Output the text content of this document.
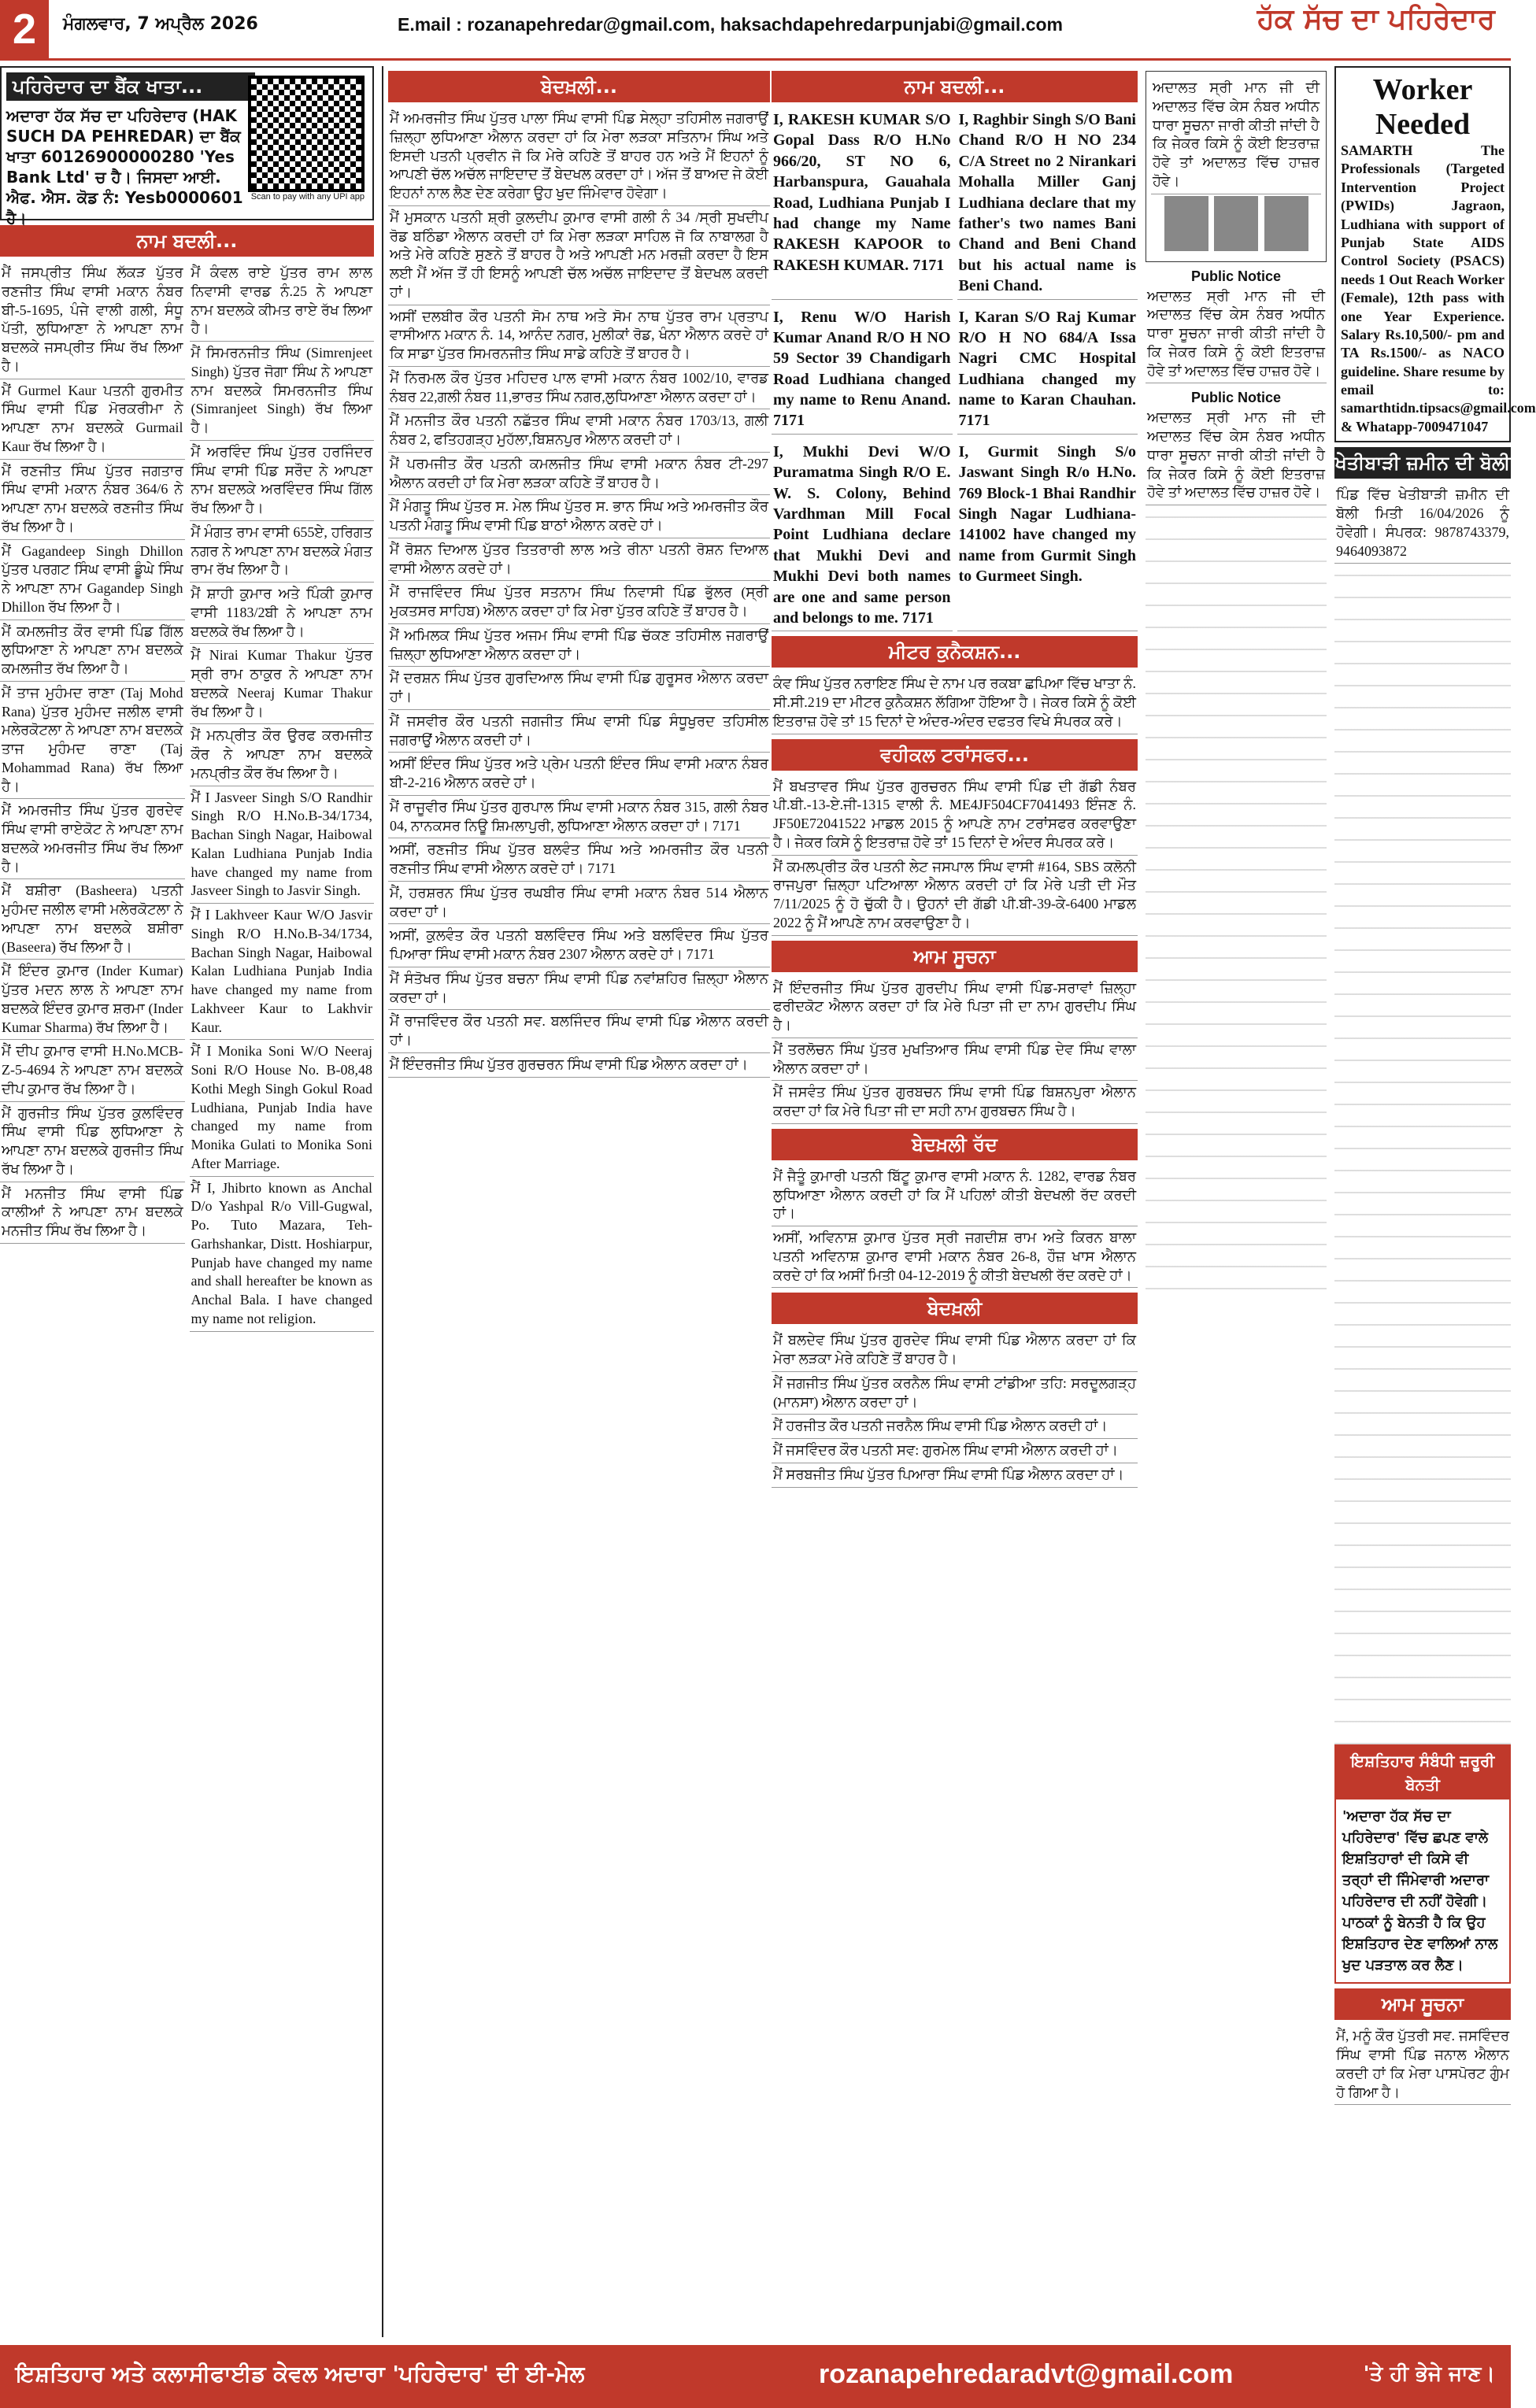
2	ਮੰਗਲਵਾਰ, 7 ਅਪ੍ਰੈਲ 2026	E.mail : rozanapehredar@gmail.com, haksachdapehredarpunjabi@gmail.com	ਹੱਕ ਸੱਚ ਦਾ ਪਹਿਰੇਦਾਰ
ਪਹਿਰੇਦਾਰ ਦਾ ਬੈਂਕ ਖਾਤਾ...
ਅਦਾਰਾ ਹੱਕ ਸੱਚ ਦਾ ਪਹਿਰੇਦਾਰ (HAK SUCH DA PEHREDAR) ਦਾ ਬੈਂਕ ਖਾਤਾ 60126900000280 'Yes Bank Ltd' ਚ ਹੈ। ਜਿਸਦਾ ਆਈ. ਐਫ. ਐਸ. ਕੋਡ ਨੰ: Yesb0000601 ਹੈ।
Scan to pay with any UPI app
ਨਾਮ ਬਦਲੀ...
ਮੈਂ ਜਸਪ੍ਰੀਤ ਸਿੰਘ ਲੱਕੜ ਪੁੱਤਰ ਰਣਜੀਤ ਸਿੰਘ ਵਾਸੀ ਮਕਾਨ ਨੰਬਰ ਬੀ-5-1695, ਪੰਜੇ ਵਾਲੀ ਗਲੀ, ਸੰਧੂ ਪੱਤੀ, ਲੁਧਿਆਣਾ ਨੇ ਆਪਣਾ ਨਾਮ ਬਦਲਕੇ ਜਸਪ੍ਰੀਤ ਸਿੰਘ ਰੱਖ ਲਿਆ ਹੈ।
ਮੈਂ Gurmel Kaur ਪਤਨੀ ਗੁਰਮੀਤ ਸਿੰਘ ਵਾਸੀ ਪਿੰਡ ਮੋਰਕਰੀਮਾ ਨੇ ਆਪਣਾ ਨਾਮ ਬਦਲਕੇ Gurmail Kaur ਰੱਖ ਲਿਆ ਹੈ।
ਮੈਂ ਰਣਜੀਤ ਸਿੰਘ ਪੁੱਤਰ ਜਗਤਾਰ ਸਿੰਘ ਵਾਸੀ ਮਕਾਨ ਨੰਬਰ 364/6 ਨੇ ਆਪਣਾ ਨਾਮ ਬਦਲਕੇ ਰਣਜੀਤ ਸਿੰਘ ਰੱਖ ਲਿਆ ਹੈ।
ਮੈਂ Gagandeep Singh Dhillon ਪੁੱਤਰ ਪਰਗਟ ਸਿੰਘ ਵਾਸੀ ਡੂੰਘੇ ਸਿੰਘ ਨੇ ਆਪਣਾ ਨਾਮ Gagandep Singh Dhillon ਰੱਖ ਲਿਆ ਹੈ।
ਮੈਂ ਕਮਲਜੀਤ ਕੌਰ ਵਾਸੀ ਪਿੰਡ ਗਿੱਲ ਲੁਧਿਆਣਾ ਨੇ ਆਪਣਾ ਨਾਮ ਬਦਲਕੇ ਕਮਲਜੀਤ ਰੱਖ ਲਿਆ ਹੈ।
ਮੈਂ ਤਾਜ ਮੁਹੰਮਦ ਰਾਣਾ (Taj Mohd Rana) ਪੁੱਤਰ ਮੁਹੰਮਦ ਜਲੀਲ ਵਾਸੀ ਮਲੇਰਕੋਟਲਾ ਨੇ ਆਪਣਾ ਨਾਮ ਬਦਲਕੇ ਤਾਜ ਮੁਹੰਮਦ ਰਾਣਾ (Taj Mohammad Rana) ਰੱਖ ਲਿਆ ਹੈ।
ਮੈਂ ਅਮਰਜੀਤ ਸਿੰਘ ਪੁੱਤਰ ਗੁਰਦੇਵ ਸਿੰਘ ਵਾਸੀ ਰਾਏਕੋਟ ਨੇ ਆਪਣਾ ਨਾਮ ਬਦਲਕੇ ਅਮਰਜੀਤ ਸਿੰਘ ਰੱਖ ਲਿਆ ਹੈ।
ਮੈਂ ਬਸ਼ੀਰਾ (Basheera) ਪਤਨੀ ਮੁਹੰਮਦ ਜਲੀਲ ਵਾਸੀ ਮਲੇਰਕੋਟਲਾ ਨੇ ਆਪਣਾ ਨਾਮ ਬਦਲਕੇ ਬਸ਼ੀਰਾ (Baseera) ਰੱਖ ਲਿਆ ਹੈ।
ਮੈਂ ਇੰਦਰ ਕੁਮਾਰ (Inder Kumar) ਪੁੱਤਰ ਮਦਨ ਲਾਲ ਨੇ ਆਪਣਾ ਨਾਮ ਬਦਲਕੇ ਇੰਦਰ ਕੁਮਾਰ ਸ਼ਰਮਾ (Inder Kumar Sharma) ਰੱਖ ਲਿਆ ਹੈ।
ਮੈਂ ਦੀਪ ਕੁਮਾਰ ਵਾਸੀ H.No.MCB-Z-5-4694 ਨੇ ਆਪਣਾ ਨਾਮ ਬਦਲਕੇ ਦੀਪ ਕੁਮਾਰ ਰੱਖ ਲਿਆ ਹੈ।
ਮੈਂ ਗੁਰਜੀਤ ਸਿੰਘ ਪੁੱਤਰ ਕੁਲਵਿੰਦਰ ਸਿੰਘ ਵਾਸੀ ਪਿੰਡ ਲੁਧਿਆਣਾ ਨੇ ਆਪਣਾ ਨਾਮ ਬਦਲਕੇ ਗੁਰਜੀਤ ਸਿੰਘ ਰੱਖ ਲਿਆ ਹੈ।
ਮੈਂ ਮਨਜੀਤ ਸਿੰਘ ਵਾਸੀ ਪਿੰਡ ਕਾਲੀਆਂ ਨੇ ਆਪਣਾ ਨਾਮ ਬਦਲਕੇ ਮਨਜੀਤ ਸਿੰਘ ਰੱਖ ਲਿਆ ਹੈ।
ਮੈਂ ਕੰਵਲ ਰਾਏ ਪੁੱਤਰ ਰਾਮ ਲਾਲ ਨਿਵਾਸੀ ਵਾਰਡ ਨੰ.25 ਨੇ ਆਪਣਾ ਨਾਮ ਬਦਲਕੇ ਕੀਮਤ ਰਾਏ ਰੱਖ ਲਿਆ ਹੈ।
ਮੈਂ ਸਿਮਰਨਜੀਤ ਸਿੰਘ (Simrenjeet Singh) ਪੁੱਤਰ ਜੋਗਾ ਸਿੰਘ ਨੇ ਆਪਣਾ ਨਾਮ ਬਦਲਕੇ ਸਿਮਰਨਜੀਤ ਸਿੰਘ (Simranjeet Singh) ਰੱਖ ਲਿਆ ਹੈ।
ਮੈਂ ਅਰਵਿੰਦ ਸਿੰਘ ਪੁੱਤਰ ਹਰਜਿੰਦਰ ਸਿੰਘ ਵਾਸੀ ਪਿੰਡ ਸਰੌਦ ਨੇ ਆਪਣਾ ਨਾਮ ਬਦਲਕੇ ਅਰਵਿੰਦਰ ਸਿੰਘ ਗਿੱਲ ਰੱਖ ਲਿਆ ਹੈ।
ਮੈਂ ਮੰਗਤ ਰਾਮ ਵਾਸੀ 655ਏ, ਹਰਿਗਤ ਨਗਰ ਨੇ ਆਪਣਾ ਨਾਮ ਬਦਲਕੇ ਮੰਗਤ ਰਾਮ ਰੱਖ ਲਿਆ ਹੈ।
ਮੈਂ ਸ਼ਾਹੀ ਕੁਮਾਰ ਅਤੇ ਪਿੰਕੀ ਕੁਮਾਰ ਵਾਸੀ 1183/2ਬੀ ਨੇ ਆਪਣਾ ਨਾਮ ਬਦਲਕੇ ਰੱਖ ਲਿਆ ਹੈ।
ਮੈਂ Nirai Kumar Thakur ਪੁੱਤਰ ਸ੍ਰੀ ਰਾਮ ਠਾਕੁਰ ਨੇ ਆਪਣਾ ਨਾਮ ਬਦਲਕੇ Neeraj Kumar Thakur ਰੱਖ ਲਿਆ ਹੈ।
ਮੈਂ ਮਨਪ੍ਰੀਤ ਕੌਰ ਉਰਫ ਕਰਮਜੀਤ ਕੌਰ ਨੇ ਆਪਣਾ ਨਾਮ ਬਦਲਕੇ ਮਨਪ੍ਰੀਤ ਕੌਰ ਰੱਖ ਲਿਆ ਹੈ।
ਮੈਂ I Jasveer Singh S/O Randhir Singh R/O H.No.B-34/1734, Bachan Singh Nagar, Haibowal Kalan Ludhiana Punjab India have changed my name from Jasveer Singh to Jasvir Singh.
ਮੈਂ I Lakhveer Kaur W/O Jasvir Singh R/O H.No.B-34/1734, Bachan Singh Nagar, Haibowal Kalan Ludhiana Punjab India have changed my name from Lakhveer Kaur to Lakhvir Kaur.
ਮੈਂ I Monika Soni W/O Neeraj Soni R/O House No. B-08,48 Kothi Megh Singh Gokul Road Ludhiana, Punjab India have changed my name from Monika Gulati to Monika Soni After Marriage.
ਮੈਂ I, Jhibrto known as Anchal D/o Yashpal R/o Vill-Gugwal, Po. Tuto Mazara, Teh-Garhshankar, Distt. Hoshiarpur, Punjab have changed my name and shall hereafter be known as Anchal Bala. I have changed my name not religion.
ਬੇਦਖ਼ਲੀ...
ਮੈਂ ਅਮਰਜੀਤ ਸਿੰਘ ਪੁੱਤਰ ਪਾਲਾ ਸਿੰਘ ਵਾਸੀ ਪਿੰਡ ਸੇਲ੍ਹਾ ਤਹਿਸੀਲ ਜਗਰਾਉਂ ਜ਼ਿਲ੍ਹਾ ਲੁਧਿਆਣਾ ਐਲਾਨ ਕਰਦਾ ਹਾਂ ਕਿ ਮੇਰਾ ਲੜਕਾ ਸਤਿਨਾਮ ਸਿੰਘ ਅਤੇ ਇਸਦੀ ਪਤਨੀ ਪ੍ਰਵੀਨ ਜੋ ਕਿ ਮੇਰੇ ਕਹਿਣੇ ਤੋਂ ਬਾਹਰ ਹਨ ਅਤੇ ਮੈਂ ਇਹਨਾਂ ਨੂੰ ਆਪਣੀ ਚੱਲ ਅਚੱਲ ਜਾਇਦਾਦ ਤੋਂ ਬੇਦਖਲ ਕਰਦਾ ਹਾਂ। ਅੱਜ ਤੋਂ ਬਾਅਦ ਜੇ ਕੋਈ ਇਹਨਾਂ ਨਾਲ ਲੈਣ ਦੇਣ ਕਰੇਗਾ ਉਹ ਖੁਦ ਜਿੰਮੇਵਾਰ ਹੋਵੇਗਾ।
ਮੈਂ ਮੁਸਕਾਨ ਪਤਨੀ ਸ਼੍ਰੀ ਕੁਲਦੀਪ ਕੁਮਾਰ ਵਾਸੀ ਗਲੀ ਨੰ 34 /ਸ੍ਰੀ ਸੁਖਦੀਪ ਰੋਡ ਬਠਿੰਡਾ ਐਲਾਨ ਕਰਦੀ ਹਾਂ ਕਿ ਮੇਰਾ ਲੜਕਾ ਸਾਹਿਲ ਜੋ ਕਿ ਨਾਬਾਲਗ ਹੈ ਅਤੇ ਮੇਰੇ ਕਹਿਣੇ ਸੁਣਨੇ ਤੋਂ ਬਾਹਰ ਹੈ ਅਤੇ ਆਪਣੀ ਮਨ ਮਰਜ਼ੀ ਕਰਦਾ ਹੈ ਇਸ ਲਈ ਮੈਂ ਅੱਜ ਤੋਂ ਹੀ ਇਸਨੂੰ ਆਪਣੀ ਚੱਲ ਅਚੱਲ ਜਾਇਦਾਦ ਤੋਂ ਬੇਦਖਲ ਕਰਦੀ ਹਾਂ।
ਅਸੀਂ ਦਲਬੀਰ ਕੌਰ ਪਤਨੀ ਸੋਮ ਨਾਥ ਅਤੇ ਸੋਮ ਨਾਥ ਪੁੱਤਰ ਰਾਮ ਪ੍ਰਤਾਪ ਵਾਸੀਆਨ ਮਕਾਨ ਨੰ. 14, ਆਨੰਦ ਨਗਰ, ਮੁਲੀਕਾਂ ਰੋਡ, ਖੰਨਾ ਐਲਾਨ ਕਰਦੇ ਹਾਂ ਕਿ ਸਾਡਾ ਪੁੱਤਰ ਸਿਮਰਨਜੀਤ ਸਿੰਘ ਸਾਡੇ ਕਹਿਣੇ ਤੋਂ ਬਾਹਰ ਹੈ।
ਮੈਂ ਨਿਰਮਲ ਕੌਰ ਪੁੱਤਰ ਮਹਿਦਰ ਪਾਲ ਵਾਸੀ ਮਕਾਨ ਨੰਬਰ 1002/10, ਵਾਰਡ ਨੰਬਰ 22,ਗਲੀ ਨੰਬਰ 11,ਭਾਰਤ ਸਿੰਘ ਨਗਰ,ਲੁਧਿਆਣਾ ਐਲਾਨ ਕਰਦਾ ਹਾਂ।
ਮੈਂ ਮਨਜੀਤ ਕੌਰ ਪਤਨੀ ਨਛੱਤਰ ਸਿੰਘ ਵਾਸੀ ਮਕਾਨ ਨੰਬਰ 1703/13, ਗਲੀ ਨੰਬਰ 2, ਫਤਿਹਗੜ੍ਹ ਮੁਹੱਲਾ,ਬਿਸ਼ਨਪੁਰ ਐਲਾਨ ਕਰਦੀ ਹਾਂ।
ਮੈਂ ਪਰਮਜੀਤ ਕੌਰ ਪਤਨੀ ਕਮਲਜੀਤ ਸਿੰਘ ਵਾਸੀ ਮਕਾਨ ਨੰਬਰ ਟੀ-297 ਐਲਾਨ ਕਰਦੀ ਹਾਂ ਕਿ ਮੇਰਾ ਲੜਕਾ ਕਹਿਣੇ ਤੋਂ ਬਾਹਰ ਹੈ।
ਮੈਂ ਮੰਗਤੂ ਸਿੰਘ ਪੁੱਤਰ ਸ. ਮੇਲ ਸਿੰਘ ਪੁੱਤਰ ਸ. ਭਾਨ ਸਿੰਘ ਅਤੇ ਅਮਰਜੀਤ ਕੌਰ ਪਤਨੀ ਮੰਗਤੂ ਸਿੰਘ ਵਾਸੀ ਪਿੰਡ ਬਾਠਾਂ ਐਲਾਨ ਕਰਦੇ ਹਾਂ।
ਮੈਂ ਰੋਸ਼ਨ ਦਿਆਲ ਪੁੱਤਰ ਤਿਤਰਾਰੀ ਲਾਲ ਅਤੇ ਰੀਨਾ ਪਤਨੀ ਰੋਸ਼ਨ ਦਿਆਲ ਵਾਸੀ ਐਲਾਨ ਕਰਦੇ ਹਾਂ।
ਮੈਂ ਰਾਜਵਿੰਦਰ ਸਿੰਘ ਪੁੱਤਰ ਸਤਨਾਮ ਸਿੰਘ ਨਿਵਾਸੀ ਪਿੰਡ ਭੁੱਲਰ (ਸ੍ਰੀ ਮੁਕਤਸਰ ਸਾਹਿਬ) ਐਲਾਨ ਕਰਦਾ ਹਾਂ ਕਿ ਮੇਰਾ ਪੁੱਤਰ ਕਹਿਣੇ ਤੋਂ ਬਾਹਰ ਹੈ।
ਮੈਂ ਅਮਿਲਕ ਸਿੰਘ ਪੁੱਤਰ ਅਜਮ ਸਿੰਘ ਵਾਸੀ ਪਿੰਡ ਚੱਕਣ ਤਹਿਸੀਲ ਜਗਰਾਉਂ ਜ਼ਿਲ੍ਹਾ ਲੁਧਿਆਣਾ ਐਲਾਨ ਕਰਦਾ ਹਾਂ।
ਮੈਂ ਦਰਸ਼ਨ ਸਿੰਘ ਪੁੱਤਰ ਗੁਰਦਿਆਲ ਸਿੰਘ ਵਾਸੀ ਪਿੰਡ ਗੁਰੂਸਰ ਐਲਾਨ ਕਰਦਾ ਹਾਂ।
ਮੈਂ ਜਸਵੀਰ ਕੌਰ ਪਤਨੀ ਜਗਜੀਤ ਸਿੰਘ ਵਾਸੀ ਪਿੰਡ ਸੰਧੂਖੁਰਦ ਤਹਿਸੀਲ ਜਗਰਾਉਂ ਐਲਾਨ ਕਰਦੀ ਹਾਂ।
ਅਸੀਂ ਇੰਦਰ ਸਿੰਘ ਪੁੱਤਰ ਅਤੇ ਪ੍ਰੇਮ ਪਤਨੀ ਇੰਦਰ ਸਿੰਘ ਵਾਸੀ ਮਕਾਨ ਨੰਬਰ ਬੀ-2-216 ਐਲਾਨ ਕਰਦੇ ਹਾਂ।
ਮੈਂ ਰਾਜੂਵੀਰ ਸਿੰਘ ਪੁੱਤਰ ਗੁਰਪਾਲ ਸਿੰਘ ਵਾਸੀ ਮਕਾਨ ਨੰਬਰ 315, ਗਲੀ ਨੰਬਰ 04, ਨਾਨਕਸਰ ਨਿਊ ਸ਼ਿਮਲਾਪੁਰੀ, ਲੁਧਿਆਣਾ ਐਲਾਨ ਕਰਦਾ ਹਾਂ। 7171
ਅਸੀਂ, ਰਣਜੀਤ ਸਿੰਘ ਪੁੱਤਰ ਬਲਵੰਤ ਸਿੰਘ ਅਤੇ ਅਮਰਜੀਤ ਕੌਰ ਪਤਨੀ ਰਣਜੀਤ ਸਿੰਘ ਵਾਸੀ ਐਲਾਨ ਕਰਦੇ ਹਾਂ। 7171
ਮੈਂ, ਹਰਸ਼ਰਨ ਸਿੰਘ ਪੁੱਤਰ ਰਘਬੀਰ ਸਿੰਘ ਵਾਸੀ ਮਕਾਨ ਨੰਬਰ 514 ਐਲਾਨ ਕਰਦਾ ਹਾਂ।
ਅਸੀਂ, ਕੁਲਵੰਤ ਕੌਰ ਪਤਨੀ ਬਲਵਿੰਦਰ ਸਿੰਘ ਅਤੇ ਬਲਵਿੰਦਰ ਸਿੰਘ ਪੁੱਤਰ ਪਿਆਰਾ ਸਿੰਘ ਵਾਸੀ ਮਕਾਨ ਨੰਬਰ 2307 ਐਲਾਨ ਕਰਦੇ ਹਾਂ। 7171
ਮੈਂ ਸੰਤੋਖਰ ਸਿੰਘ ਪੁੱਤਰ ਬਚਨਾ ਸਿੰਘ ਵਾਸੀ ਪਿੰਡ ਨਵਾਂਸ਼ਹਿਰ ਜ਼ਿਲ੍ਹਾ ਐਲਾਨ ਕਰਦਾ ਹਾਂ।
ਮੈਂ ਰਾਜਵਿੰਦਰ ਕੌਰ ਪਤਨੀ ਸਵ. ਬਲਜਿੰਦਰ ਸਿੰਘ ਵਾਸੀ ਪਿੰਡ ਐਲਾਨ ਕਰਦੀ ਹਾਂ।
ਮੈਂ ਇੰਦਰਜੀਤ ਸਿੰਘ ਪੁੱਤਰ ਗੁਰਚਰਨ ਸਿੰਘ ਵਾਸੀ ਪਿੰਡ ਐਲਾਨ ਕਰਦਾ ਹਾਂ।
ਨਾਮ ਬਦਲੀ...
I, RAKESH KUMAR S/O Gopal Dass R/O H.No 966/20, ST NO 6, Harbanspura, Gauahala Road, Ludhiana Punjab I had change my Name RAKESH KAPOOR to RAKESH KUMAR. 7171
I, Raghbir Singh S/O Bani Chand R/O H NO 234 C/A Street no 2 Nirankari Mohalla Miller Ganj Ludhiana declare that my father's two names Bani Chand and Beni Chand but his actual name is Beni Chand.
I, Renu W/O Harish Kumar Anand R/O H NO 59 Sector 39 Chandigarh Road Ludhiana changed my name to Renu Anand. 7171
I, Karan S/O Raj Kumar R/O H NO 684/A Issa Nagri CMC Hospital Ludhiana changed my name to Karan Chauhan. 7171
I, Mukhi Devi W/O Puramatma Singh R/O E. W. S. Colony, Behind Vardhman Mill Focal Point Ludhiana declare that Mukhi Devi and Mukhi Devi both names are one and same person and belongs to me. 7171
I, Gurmit Singh S/o Jaswant Singh R/o H.No. 769 Block-1 Bhai Randhir Singh Nagar Ludhiana-141002 have changed my name from Gurmit Singh to Gurmeet Singh.
ਮੀਟਰ ਕੁਨੈਕਸ਼ਨ...
ਕੰਵ ਸਿੰਘ ਪੁੱਤਰ ਨਰਾਇਣ ਸਿੰਘ ਦੇ ਨਾਮ ਪਰ ਰਕਬਾ ਛਪਿਆ ਵਿੱਚ ਖਾਤਾ ਨੰ. ਸੀ.ਸੀ.219 ਦਾ ਮੀਟਰ ਕੁਨੈਕਸ਼ਨ ਲੱਗਿਆ ਹੋਇਆ ਹੈ। ਜੇਕਰ ਕਿਸੇ ਨੂੰ ਕੋਈ ਇਤਰਾਜ਼ ਹੋਵੇ ਤਾਂ 15 ਦਿਨਾਂ ਦੇ ਅੰਦਰ-ਅੰਦਰ ਦਫਤਰ ਵਿਖੇ ਸੰਪਰਕ ਕਰੇ।
ਵਹੀਕਲ ਟਰਾਂਸਫਰ...
ਮੈਂ ਬਖਤਾਵਰ ਸਿੰਘ ਪੁੱਤਰ ਗੁਰਚਰਨ ਸਿੰਘ ਵਾਸੀ ਪਿੰਡ ਦੀ ਗੱਡੀ ਨੰਬਰ ਪੀ.ਬੀ.-13-ਏ.ਜੀ-1315 ਵਾਲੀ ਨੰ. ME4JF504CF7041493 ਇੰਜਣ ਨੰ. JF50E72041522 ਮਾਡਲ 2015 ਨੂੰ ਆਪਣੇ ਨਾਮ ਟਰਾਂਸਫਰ ਕਰਵਾਉਣਾ ਹੈ। ਜੇਕਰ ਕਿਸੇ ਨੂੰ ਇਤਰਾਜ਼ ਹੋਵੇ ਤਾਂ 15 ਦਿਨਾਂ ਦੇ ਅੰਦਰ ਸੰਪਰਕ ਕਰੇ।
ਮੈਂ ਕਮਲਪ੍ਰੀਤ ਕੌਰ ਪਤਨੀ ਲੇਟ ਜਸਪਾਲ ਸਿੰਘ ਵਾਸੀ #164, SBS ਕਲੋਨੀ ਰਾਜਪੁਰਾ ਜ਼ਿਲ੍ਹਾ ਪਟਿਆਲਾ ਐਲਾਨ ਕਰਦੀ ਹਾਂ ਕਿ ਮੇਰੇ ਪਤੀ ਦੀ ਮੌਤ 7/11/2025 ਨੂੰ ਹੋ ਚੁੱਕੀ ਹੈ। ਉਹਨਾਂ ਦੀ ਗੱਡੀ ਪੀ.ਬੀ-39-ਕੇ-6400 ਮਾਡਲ 2022 ਨੂੰ ਮੈਂ ਆਪਣੇ ਨਾਮ ਕਰਵਾਉਣਾ ਹੈ।
ਆਮ ਸੂਚਨਾ
ਮੈਂ ਇੰਦਰਜੀਤ ਸਿੰਘ ਪੁੱਤਰ ਗੁਰਦੀਪ ਸਿੰਘ ਵਾਸੀ ਪਿੰਡ-ਸਰਾਵਾਂ ਜ਼ਿਲ੍ਹਾ ਫਰੀਦਕੋਟ ਐਲਾਨ ਕਰਦਾ ਹਾਂ ਕਿ ਮੇਰੇ ਪਿਤਾ ਜੀ ਦਾ ਨਾਮ ਗੁਰਦੀਪ ਸਿੰਘ ਹੈ।
ਮੈਂ ਤਰਲੋਚਨ ਸਿੰਘ ਪੁੱਤਰ ਮੁਖਤਿਆਰ ਸਿੰਘ ਵਾਸੀ ਪਿੰਡ ਦੇਵ ਸਿੰਘ ਵਾਲਾ ਐਲਾਨ ਕਰਦਾ ਹਾਂ।
ਮੈਂ ਜਸਵੰਤ ਸਿੰਘ ਪੁੱਤਰ ਗੁਰਬਚਨ ਸਿੰਘ ਵਾਸੀ ਪਿੰਡ ਬਿਸ਼ਨਪੁਰਾ ਐਲਾਨ ਕਰਦਾ ਹਾਂ ਕਿ ਮੇਰੇ ਪਿਤਾ ਜੀ ਦਾ ਸਹੀ ਨਾਮ ਗੁਰਬਚਨ ਸਿੰਘ ਹੈ।
ਬੇਦਖ਼ਲੀ ਰੱਦ
ਮੈਂ ਜੈਤੂੰ ਕੁਮਾਰੀ ਪਤਨੀ ਬਿੱਟੂ ਕੁਮਾਰ ਵਾਸੀ ਮਕਾਨ ਨੰ. 1282, ਵਾਰਡ ਨੰਬਰ ਲੁਧਿਆਣਾ ਐਲਾਨ ਕਰਦੀ ਹਾਂ ਕਿ ਮੈਂ ਪਹਿਲਾਂ ਕੀਤੀ ਬੇਦਖਲੀ ਰੱਦ ਕਰਦੀ ਹਾਂ।
ਅਸੀਂ, ਅਵਿਨਾਸ਼ ਕੁਮਾਰ ਪੁੱਤਰ ਸ੍ਰੀ ਜਗਦੀਸ਼ ਰਾਮ ਅਤੇ ਕਿਰਨ ਬਾਲਾ ਪਤਨੀ ਅਵਿਨਾਸ਼ ਕੁਮਾਰ ਵਾਸੀ ਮਕਾਨ ਨੰਬਰ 26-8, ਹੌਜ਼ ਖਾਸ ਐਲਾਨ ਕਰਦੇ ਹਾਂ ਕਿ ਅਸੀਂ ਮਿਤੀ 04-12-2019 ਨੂੰ ਕੀਤੀ ਬੇਦਖਲੀ ਰੱਦ ਕਰਦੇ ਹਾਂ।
ਬੇਦਖ਼ਲੀ
ਮੈਂ ਬਲਦੇਵ ਸਿੰਘ ਪੁੱਤਰ ਗੁਰਦੇਵ ਸਿੰਘ ਵਾਸੀ ਪਿੰਡ ਐਲਾਨ ਕਰਦਾ ਹਾਂ ਕਿ ਮੇਰਾ ਲੜਕਾ ਮੇਰੇ ਕਹਿਣੇ ਤੋਂ ਬਾਹਰ ਹੈ।
ਮੈਂ ਜਗਜੀਤ ਸਿੰਘ ਪੁੱਤਰ ਕਰਨੈਲ ਸਿੰਘ ਵਾਸੀ ਟਾਂਡੀਆ ਤਹਿ: ਸਰਦੂਲਗੜ੍ਹ (ਮਾਨਸਾ) ਐਲਾਨ ਕਰਦਾ ਹਾਂ।
ਮੈਂ ਹਰਜੀਤ ਕੌਰ ਪਤਨੀ ਜਰਨੈਲ ਸਿੰਘ ਵਾਸੀ ਪਿੰਡ ਐਲਾਨ ਕਰਦੀ ਹਾਂ।
ਮੈਂ ਜਸਵਿੰਦਰ ਕੌਰ ਪਤਨੀ ਸਵ: ਗੁਰਮੇਲ ਸਿੰਘ ਵਾਸੀ ਐਲਾਨ ਕਰਦੀ ਹਾਂ।
ਮੈਂ ਸਰਬਜੀਤ ਸਿੰਘ ਪੁੱਤਰ ਪਿਆਰਾ ਸਿੰਘ ਵਾਸੀ ਪਿੰਡ ਐਲਾਨ ਕਰਦਾ ਹਾਂ।
ਅਦਾਲਤ ਸ੍ਰੀ ਮਾਨ ਜੀ ਦੀ ਅਦਾਲਤ ਵਿੱਚ ਕੇਸ ਨੰਬਰ ਅਧੀਨ ਧਾਰਾ ਸੂਚਨਾ ਜਾਰੀ ਕੀਤੀ ਜਾਂਦੀ ਹੈ ਕਿ ਜੇਕਰ ਕਿਸੇ ਨੂੰ ਕੋਈ ਇਤਰਾਜ਼ ਹੋਵੇ ਤਾਂ ਅਦਾਲਤ ਵਿੱਚ ਹਾਜ਼ਰ ਹੋਵੇ।

Public Notice
ਅਦਾਲਤ ਸ੍ਰੀ ਮਾਨ ਜੀ ਦੀ ਅਦਾਲਤ ਵਿੱਚ ਕੇਸ ਨੰਬਰ ਅਧੀਨ ਧਾਰਾ ਸੂਚਨਾ ਜਾਰੀ ਕੀਤੀ ਜਾਂਦੀ ਹੈ ਕਿ ਜੇਕਰ ਕਿਸੇ ਨੂੰ ਕੋਈ ਇਤਰਾਜ਼ ਹੋਵੇ ਤਾਂ ਅਦਾਲਤ ਵਿੱਚ ਹਾਜ਼ਰ ਹੋਵੇ।
Public Notice
ਅਦਾਲਤ ਸ੍ਰੀ ਮਾਨ ਜੀ ਦੀ ਅਦਾਲਤ ਵਿੱਚ ਕੇਸ ਨੰਬਰ ਅਧੀਨ ਧਾਰਾ ਸੂਚਨਾ ਜਾਰੀ ਕੀਤੀ ਜਾਂਦੀ ਹੈ ਕਿ ਜੇਕਰ ਕਿਸੇ ਨੂੰ ਕੋਈ ਇਤਰਾਜ਼ ਹੋਵੇ ਤਾਂ ਅਦਾਲਤ ਵਿੱਚ ਹਾਜ਼ਰ ਹੋਵੇ।
Worker Needed
SAMARTH The Professionals (Targeted Intervention Project (PWIDs) Jagraon, Ludhiana with support of Punjab State AIDS Control Society (PSACS) needs 1 Out Reach Worker (Female), 12th pass with one Year Experience. Salary Rs.10,500/- pm and TA Rs.1500/- as NACO guideline. Share resume by email to: samarthtidn.tipsacs@gmail.com & Whatapp-7009471047
ਖੇਤੀਬਾੜੀ ਜ਼ਮੀਨ ਦੀ ਬੋਲੀ
ਪਿੰਡ ਵਿੱਚ ਖੇਤੀਬਾੜੀ ਜ਼ਮੀਨ ਦੀ ਬੋਲੀ ਮਿਤੀ 16/04/2026 ਨੂੰ ਹੋਵੇਗੀ। ਸੰਪਰਕ: 9878743379, 9464093872
ਇਸ਼ਤਿਹਾਰ ਸੰਬੰਧੀ ਜ਼ਰੂਰੀ ਬੇਨਤੀ
'ਅਦਾਰਾ ਹੱਕ ਸੱਚ ਦਾ ਪਹਿਰੇਦਾਰ' ਵਿੱਚ ਛਪਣ ਵਾਲੇ ਇਸ਼ਤਿਹਾਰਾਂ ਦੀ ਕਿਸੇ ਵੀ ਤਰ੍ਹਾਂ ਦੀ ਜਿੰਮੇਵਾਰੀ ਅਦਾਰਾ ਪਹਿਰੇਦਾਰ ਦੀ ਨਹੀਂ ਹੋਵੇਗੀ। ਪਾਠਕਾਂ ਨੂੰ ਬੇਨਤੀ ਹੈ ਕਿ ਉਹ ਇਸ਼ਤਿਹਾਰ ਦੇਣ ਵਾਲਿਆਂ ਨਾਲ ਖੁਦ ਪੜਤਾਲ ਕਰ ਲੈਣ।
ਆਮ ਸੂਚਨਾ
ਮੈਂ, ਮਨੂੰ ਕੌਰ ਪੁੱਤਰੀ ਸਵ. ਜਸਵਿੰਦਰ ਸਿੰਘ ਵਾਸੀ ਪਿੰਡ ਜਨਾਲ ਐਲਾਨ ਕਰਦੀ ਹਾਂ ਕਿ ਮੇਰਾ ਪਾਸਪੋਰਟ ਗੁੰਮ ਹੋ ਗਿਆ ਹੈ।
ਇਸ਼ਤਿਹਾਰ ਅਤੇ ਕਲਾਸੀਫਾਈਡ ਕੇਵਲ ਅਦਾਰਾ 'ਪਹਿਰੇਦਾਰ' ਦੀ ਈ-ਮੇਲ	rozanapehredaradvt@gmail.com	'ਤੇ ਹੀ ਭੇਜੇ ਜਾਣ।
